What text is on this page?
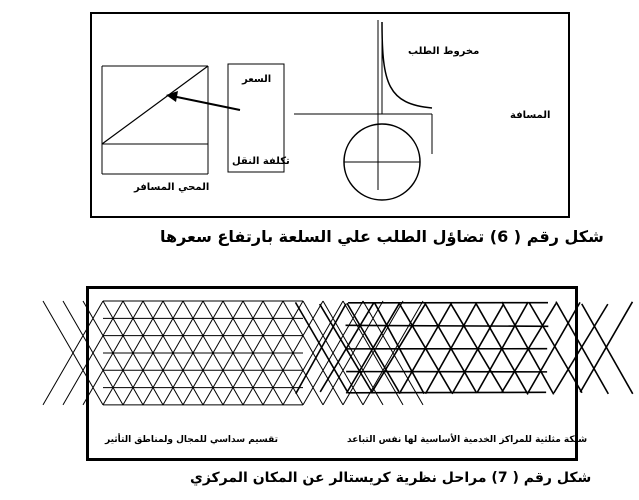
مخروط الطلب
السعر
المسافة
تكلفة النقل
المحي المسافر
شكل رقم ( 6) تضاؤل الطلب علي السلعة بارتفاع سعرها
تقسيم سداسي للمجال ولمناطق التأثير	شبكة مثلثية للمراكز الخدمية الأساسية لها نفس التباعد
شكل رقم ( 7) مراحل نظرية كريستالر عن المكان المركزي
